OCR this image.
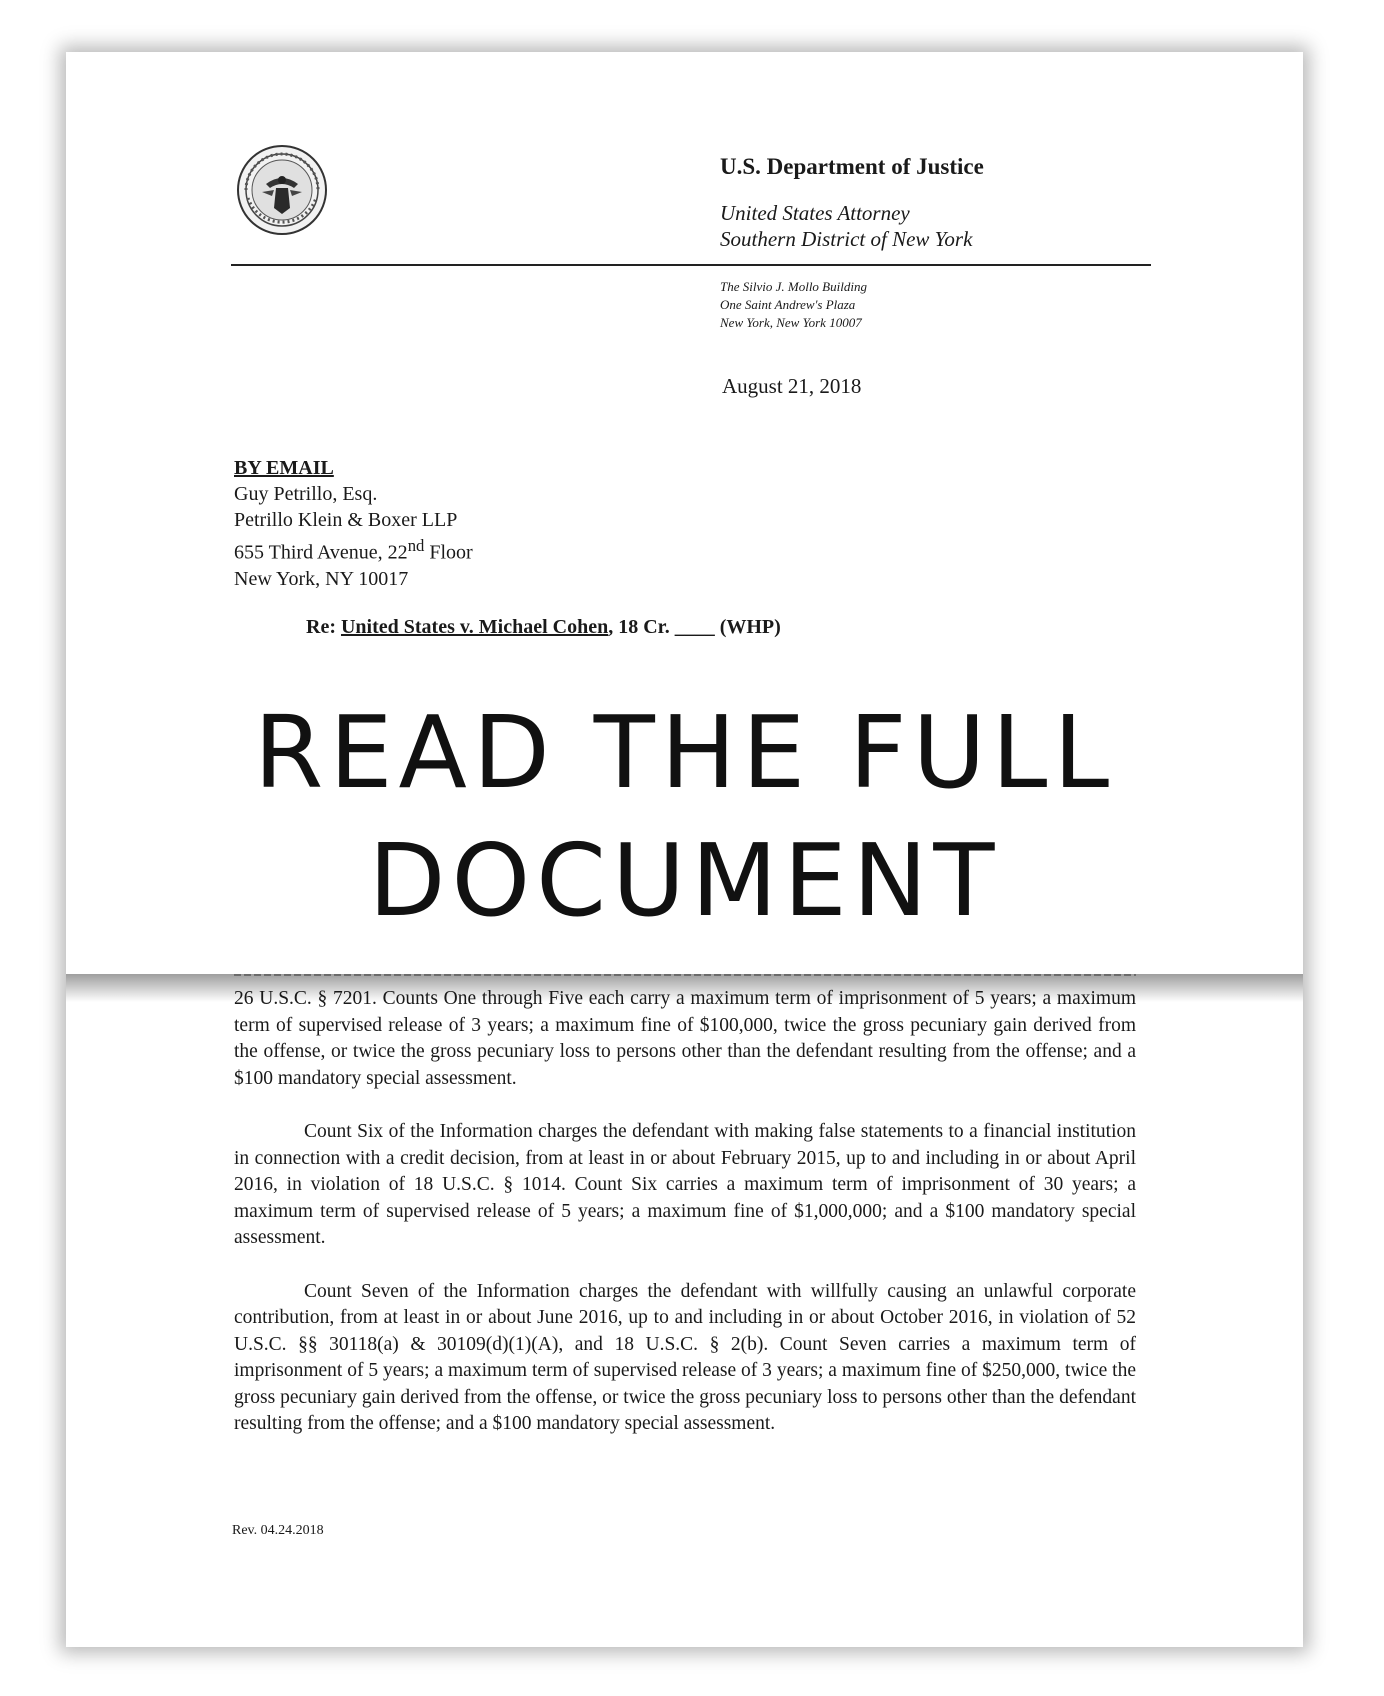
U.S. Department of Justice
United States Attorney
Southern District of New York
The Silvio J. Mollo Building
One Saint Andrew's Plaza
New York, New York 10007
August 21, 2018
BY EMAIL
Guy Petrillo, Esq.
Petrillo Klein & Boxer LLP
655 Third Avenue, 22nd Floor
New York, NY 10017
Re: United States v. Michael Cohen, 18 Cr. ____ (WHP)
READ THE FULL
DOCUMENT

term of supervised release of 3 years; a maximum fine of $100,000, twice the gross pecuniary gain derived from the offense, or twice the gross pecuniary loss to persons other than the defendant resulting from the offense; and a $100 mandatory special assessment.

Count Six of the Information charges the defendant with making false statements to a financial institution in connection with a credit decision, from at least in or about February 2015, up to and including in or about April 2016, in violation of 18 U.S.C. § 1014. Count Six carries a maximum term of imprisonment of 30 years; a maximum term of supervised release of 5 years; a maximum fine of $1,000,000; and a $100 mandatory special assessment.

Count Seven of the Information charges the defendant with willfully causing an unlawful corporate contribution, from at least in or about June 2016, up to and including in or about October 2016, in violation of 52 U.S.C. §§ 30118(a) & 30109(d)(1)(A), and 18 U.S.C. § 2(b). Count Seven carries a maximum term of imprisonment of 5 years; a maximum term of supervised release of 3 years; a maximum fine of $250,000, twice the gross pecuniary gain derived from the offense, or twice the gross pecuniary loss to persons other than the defendant resulting from the offense; and a $100 mandatory special assessment.

Rev. 04.24.2018
